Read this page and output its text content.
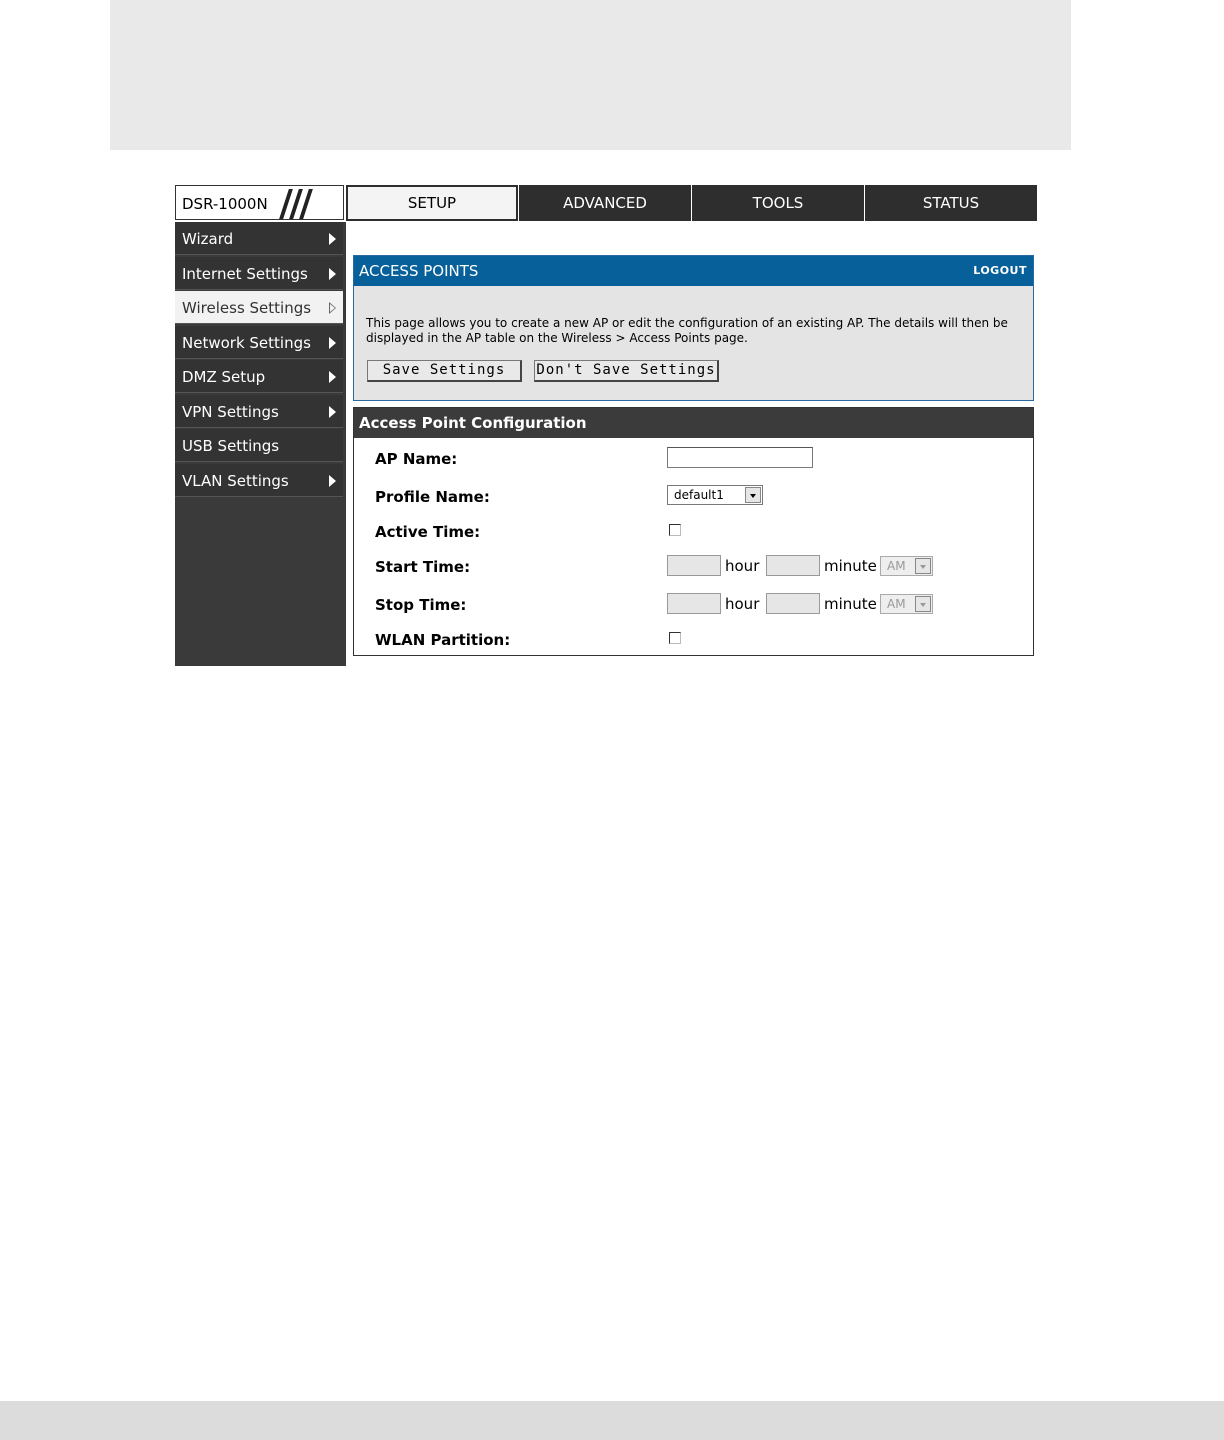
DSR-1000N	SETUP	ADVANCED	TOOLS	STATUS
Wizard
Internet Settings
Wireless Settings
Network Settings
DMZ Setup
VPN Settings
USB Settings
VLAN Settings
ACCESS POINTS	LOGOUT
This page allows you to create a new AP or edit the configuration of an existing AP. The details will then be displayed in the AP table on the Wireless > Access Points page.
Save Settings	Don't Save Settings
Access Point Configuration
AP Name:
Profile Name:	default1
Active Time:
Start Time:	hour	minute AM
Stop Time:	hour	minute AM
WLAN Partition:
